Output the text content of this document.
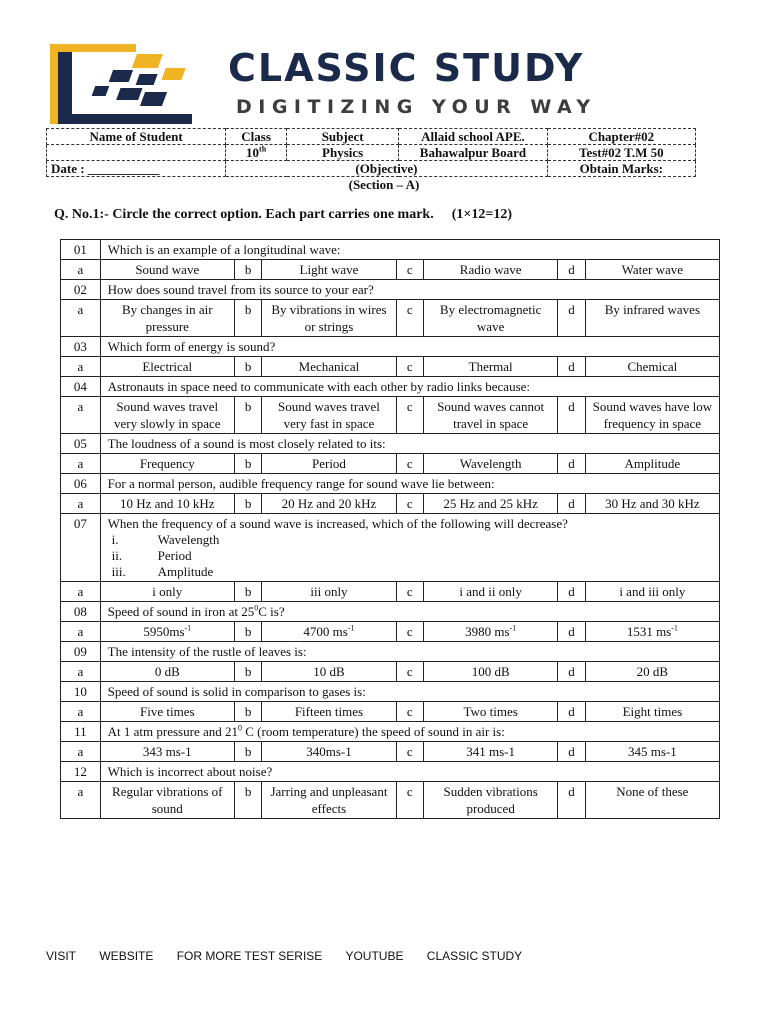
CLASSIC STUDY
DIGITIZING YOUR WAY
Name of Student	Class	Subject	Allaid school APE.	Chapter#02
	10th	Physics	Bahawalpur Board	Test#02 T.M 50
Date : ___________	(Objective)			Obtain Marks:
(Section – A)
Q. No.1:- Circle the correct option. Each part carries one mark. (1×12=12)
01	Which is an example of a longitudinal wave:						
a	Sound wave	b	Light wave	c	Radio wave	d	Water wave
02	How does sound travel from its source to your ear?						
a	By changes in air pressure	b	By vibrations in wires or strings	c	By electromagnetic wave	d	By infrared waves
03	Which form of energy is sound?						
a	Electrical	b	Mechanical	c	Thermal	d	Chemical
04	Astronauts in space need to communicate with each other by radio links because:						
a	Sound waves travel very slowly in space	b	Sound waves travel very fast in space	c	Sound waves cannot travel in space	d	Sound waves have low frequency in space
05	The loudness of a sound is most closely related to its:						
a	Frequency	b	Period	c	Wavelength	d	Amplitude
06	For a normal person, audible frequency range for sound wave lie between:						
a	10 Hz and 10 kHz	b	20 Hz and 20 kHz	c	25 Hz and 25 kHz	d	30 Hz and 30 kHz
07	When the frequency of a sound wave is increased, which of the following will decrease?
i. Wavelength
ii. Period
iii. Amplitude						

a	i only	b	iii only	c	i and ii only	d	i and iii only
08	Speed of sound in iron at $25^0C$ is?						
a	$5950ms^{-1}$	b	4700 $ms^{-1}$	c	3980 $ms^{-1}$	d	1531 $ms^{-1}$
09	The intensity of the rustle of leaves is:						
a	0 dB	b	10 dB	c	100 dB	d	20 dB
10	Speed of sound is solid in comparison to gases is:						
a	Five times	b	Fifteen times	c	Two times	d	Eight times
11	At 1 atm pressure and $21^0$ C (room temperature) the speed of sound in air is:						
a	343 ms-1	b	340ms-1	c	341 ms-1	d	345 ms-1
12	Which is incorrect about noise?						
a	Regular vibrations of sound	b	Jarring and unpleasant effects	c	Sudden vibrations produced	d	None of these
VISIT WEBSITE FOR MORE TEST SERISE YOUTUBE CLASSIC STUDY
